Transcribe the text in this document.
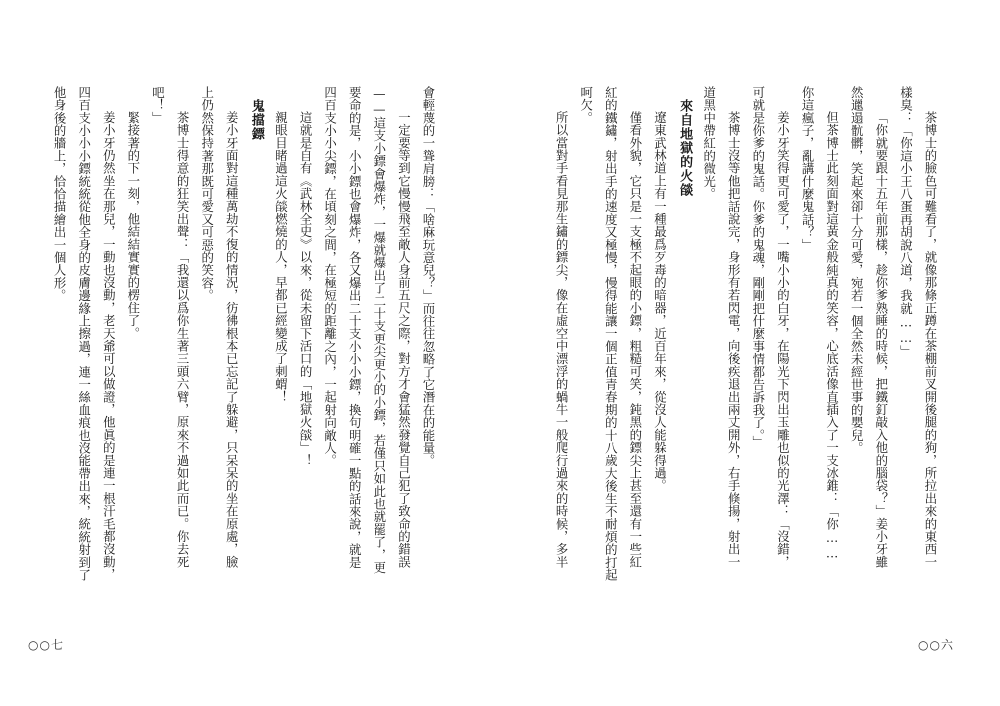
茶博士的臉色可難看了，就像那條正蹲在茶棚前叉開後腿的狗，所拉出來的東西一

樣臭：「你這小王八蛋再胡說八道，我就……」

「你就要跟十五年前那樣，趁你爹熟睡的時候，把鐵釘敲入他的腦袋？」姜小牙雖

然邋遢骯髒，笑起來卻十分可愛，宛若一個全然未經世事的嬰兒。

但茶博士此刻面對這黃金般純真的笑容，心底活像直插入了一支冰錐：「你……

你這瘋子，亂講什麼鬼話？」

姜小牙笑得更可愛了，一嘴小小的白牙，在陽光下閃出玉雕也似的光澤：「沒錯，

可就是你爹的鬼話。你爹的鬼魂，剛剛把什麼事情都告訴我了。」

茶博士沒等他把話說完，身形有若閃電，向後疾退出兩丈開外，右手倏揚，射出一

道黑中帶紅的微光。

來自地獄的火燄

遼東武林道上有一種最爲歹毒的暗器，近百年來，從沒人能躲得過。

僅看外貌，它只是一支極不起眼的小鏢，粗糙可笑，鈍黑的鏢尖上甚至還有一些紅

紅的鐵鏽，射出手的速度又極慢，慢得能讓一個正值青春期的十八歲大後生不耐煩的打起

呵欠。

所以當對手看見那生鏽的鏢尖，像在虛空中漂浮的蝸牛一般爬行過來的時候，多半

○○六

會輕蔑的一聳肩膀：「啥麻玩意兒？」而往往忽略了它潛在的能量。

一定要等到它慢慢飛至敵人身前五尺之際，對方才會猛然發覺自己犯了致命的錯誤

——這支小鏢會爆炸，一爆就爆出了二十支更尖更小的小鏢，若僅只如此也就罷了，更

要命的是，小小鏢也會爆炸，各又爆出二十支小小小鏢，換句明確一點的話來說，就是

四百支小小尖鏢，在頃刻之間，在極短的距離之內，一起射向敵人。

這就是自有《武林全史》以來，從未留下活口的「地獄火燄」！

親眼目睹過這火燄燃燒的人，早都已經變成了刺蝟！

鬼擋鏢

姜小牙面對這種萬劫不復的情況，彷彿根本已忘記了躲避，只呆呆的坐在原處，臉

上仍然保持著那既可愛又可惡的笑容。

茶博士得意的狂笑出聲：「我還以爲你生著三頭六臂，原來不過如此而已。你去死

吧！」

緊接著的下一刻，他結結實實的楞住了。

姜小牙仍然坐在那兒，一動也沒動，老天爺可以做證，他眞的是連一根汗毛都沒動，

四百支小小小鏢統統從他全身的皮膚邊緣上擦過，連一絲血痕也沒能帶出來，統統射到了

他身後的牆上，恰恰描繪出一個人形。

○○七
